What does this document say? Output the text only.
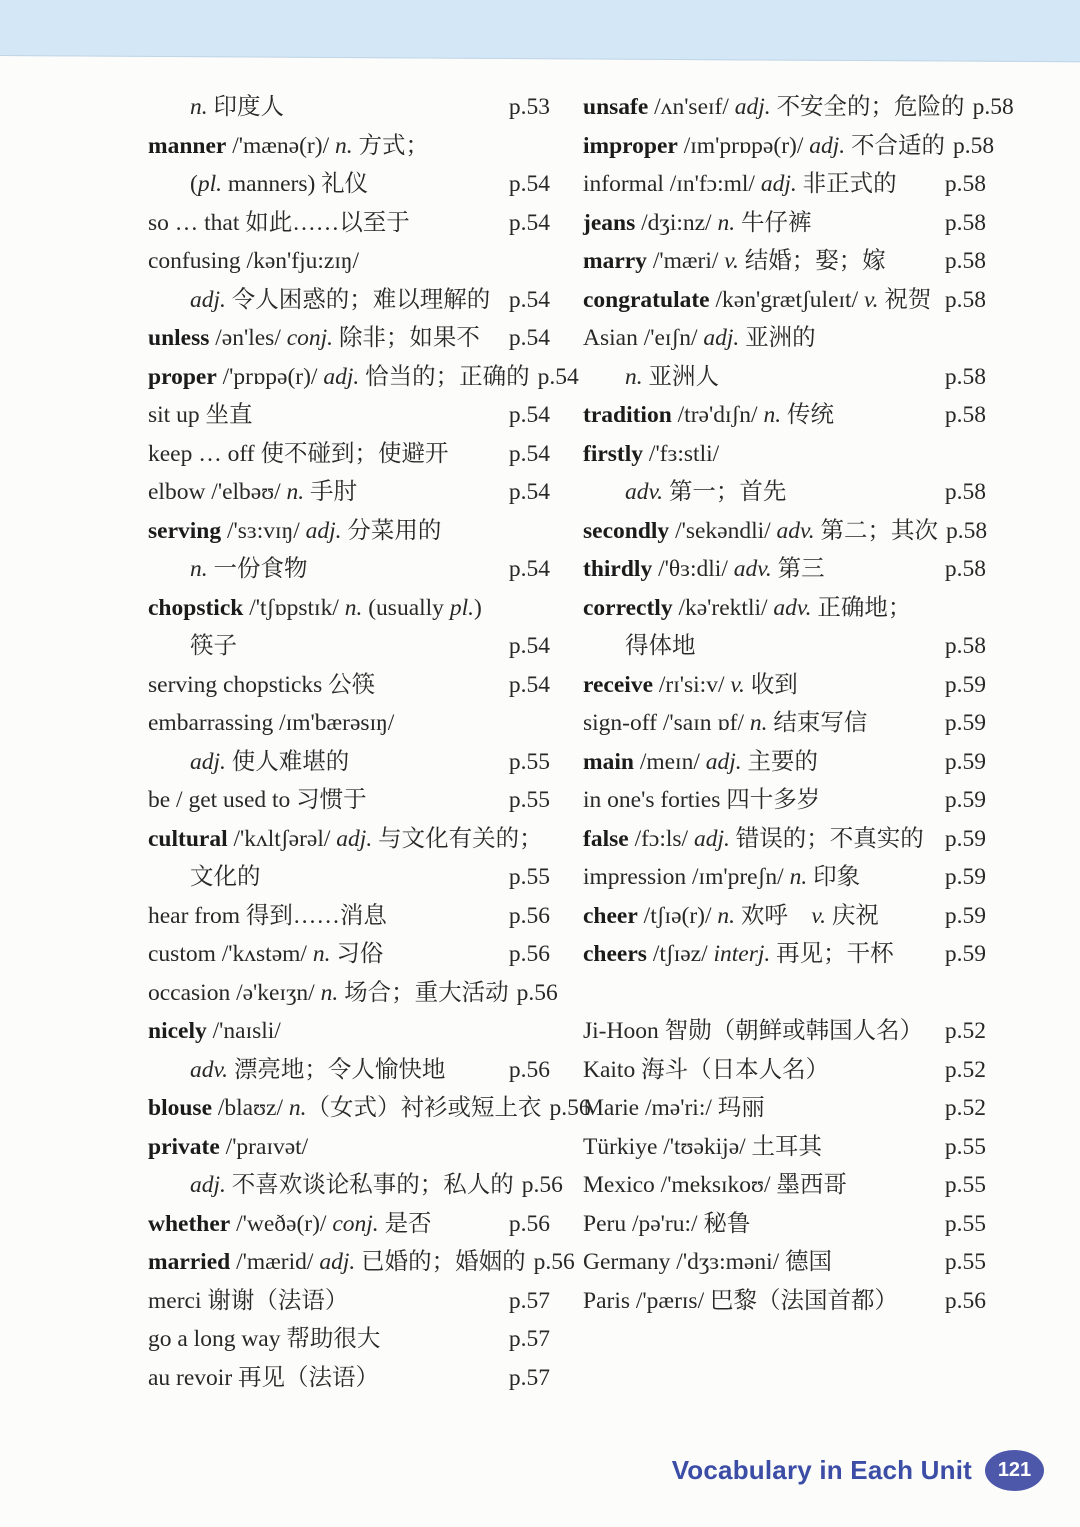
n. 印度人	p.53
manner /'mænə(r)/ n. 方式；
(pl. manners) 礼仪	p.54
so … that 如此……以至于	p.54
confusing /kən'fju:zɪŋ/
adj. 令人困惑的；难以理解的 p.54
unless /ən'les/ conj. 除非；如果不 p.54
proper /'prɒpə(r)/ adj. 恰当的；正确的 p.54
sit up 坐直	p.54
keep … off 使不碰到；使避开	p.54
elbow /'elbəʊ/ n. 手肘	p.54
serving /'sɜ:vɪŋ/ adj. 分菜用的
n. 一份食物	p.54
chopstick /'tʃɒpstɪk/ n. (usually pl.)
筷子	p.54
serving chopsticks 公筷	p.54
embarrassing /ɪm'bærəsɪŋ/
adj. 使人难堪的	p.55
be / get used to 习惯于	p.55
cultural /'kʌltʃərəl/ adj. 与文化有关的；
文化的	p.55
hear from 得到……消息	p.56
custom /'kʌstəm/ n. 习俗	p.56
occasion /ə'keɪʒn/ n. 场合；重大活动 p.56
nicely /'naɪsli/
adv. 漂亮地；令人愉快地	p.56
blouse /blaʊz/ n.（女式）衬衫或短上衣 p.56
private /'praɪvət/
adj. 不喜欢谈论私事的；私人的 p.56
whether /'weðə(r)/ conj. 是否	p.56
married /'mærid/ adj. 已婚的；婚姻的 p.56
merci 谢谢（法语）	p.57
go a long way 帮助很大	p.57
au revoir 再见（法语）	p.57
unsafe /ʌn'seɪf/ adj. 不安全的；危险的 p.58
improper /ɪm'prɒpə(r)/ adj. 不合适的 p.58
informal /ɪn'fɔ:ml/ adj. 非正式的 p.58
jeans /dʒi:nz/ n. 牛仔裤	p.58
marry /'mæri/ v. 结婚；娶；嫁	p.58
congratulate /kən'grætʃuleɪt/ v. 祝贺 p.58
Asian /'eɪʃn/ adj. 亚洲的
n. 亚洲人	p.58
tradition /trə'dɪʃn/ n. 传统	p.58
firstly /'fɜ:stli/
adv. 第一；首先	p.58
secondly /'sekəndli/ adv. 第二；其次 p.58
thirdly /'θɜ:dli/ adv. 第三	p.58
correctly /kə'rektli/ adv. 正确地；
得体地	p.58
receive /rɪ'si:v/ v. 收到	p.59
sign-off /'saɪn ɒf/ n. 结束写信	p.59
main /meɪn/ adj. 主要的	p.59
in one's forties 四十多岁	p.59
false /fɔ:ls/ adj. 错误的；不真实的 p.59
impression /ɪm'preʃn/ n. 印象	p.59
cheer /tʃɪə(r)/ n. 欢呼　v. 庆祝	p.59
cheers /tʃɪəz/ interj. 再见；干杯 p.59
Ji-Hoon 智勋（朝鲜或韩国人名） p.52
Kaito 海斗（日本人名）	p.52
Marie /mə'ri:/ 玛丽	p.52
Türkiye /'tʊəkijə/ 土耳其	p.55
Mexico /'meksɪkoʊ/ 墨西哥	p.55
Peru /pə'ru:/ 秘鲁	p.55
Germany /'dʒɜ:məni/ 德国	p.55
Paris /'pærɪs/ 巴黎（法国首都） p.56
Vocabulary in Each Unit	121
